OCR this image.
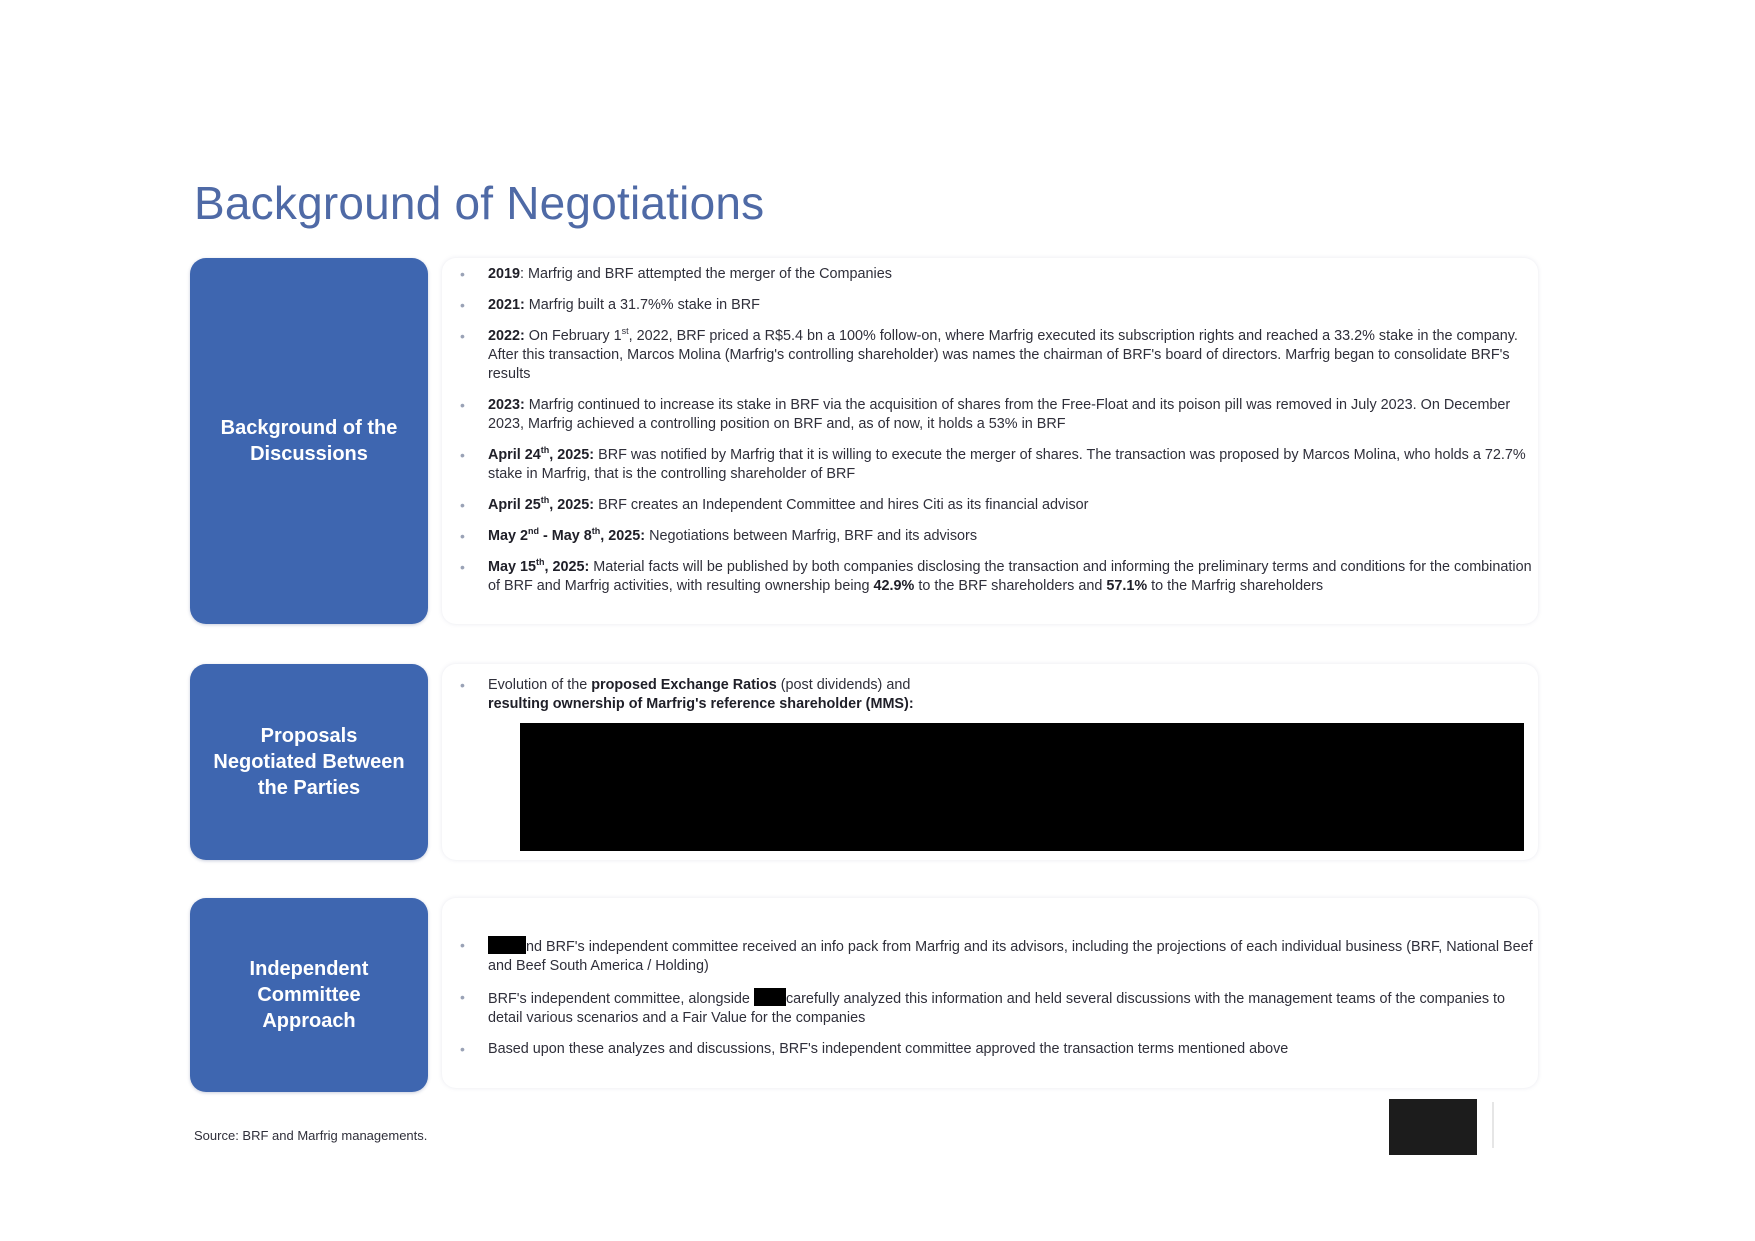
Background of Negotiations
Background of the
Discussions
• 2019: Marfrig and BRF attempted the merger of the Companies
• 2021: Marfrig built a 31.7%% stake in BRF
• 2022: On February 1st, 2022, BRF priced a R$5.4 bn a 100% follow-on, where Marfrig executed its subscription rights and reached a 33.2% stake in the company. After this transaction, Marcos Molina (Marfrig's controlling shareholder) was names the chairman of BRF's board of directors. Marfrig began to consolidate BRF's results
• 2023: Marfrig continued to increase its stake in BRF via the acquisition of shares from the Free-Float and its poison pill was removed in July 2023. On December 2023, Marfrig achieved a controlling position on BRF and, as of now, it holds a 53% in BRF
• April 24th, 2025: BRF was notified by Marfrig that it is willing to execute the merger of shares. The transaction was proposed by Marcos Molina, who holds a 72.7% stake in Marfrig, that is the controlling shareholder of BRF
• April 25th, 2025: BRF creates an Independent Committee and hires Citi as its financial advisor
• May 2nd - May 8th, 2025: Negotiations between Marfrig, BRF and its advisors
• May 15th, 2025: Material facts will be published by both companies disclosing the transaction and informing the preliminary terms and conditions for the combination of BRF and Marfrig activities, with resulting ownership being 42.9% to the BRF shareholders and 57.1% to the Marfrig shareholders
Proposals
Negotiated Between
the Parties
• Evolution of the proposed Exchange Ratios (post dividends) and
resulting ownership of Marfrig's reference shareholder (MMS):
Independent
Committee
Approach
•	nd BRF's independent committee received an info pack from Marfrig and its advisors, including the projections of each individual business (BRF, National Beef and Beef South America / Holding)
• BRF's independent committee, alongside carefully analyzed this information and held several discussions with the management teams of the companies to detail various scenarios and a Fair Value for the companies
• Based upon these analyzes and discussions, BRF's independent committee approved the transaction terms mentioned above
Source: BRF and Marfrig managements.
